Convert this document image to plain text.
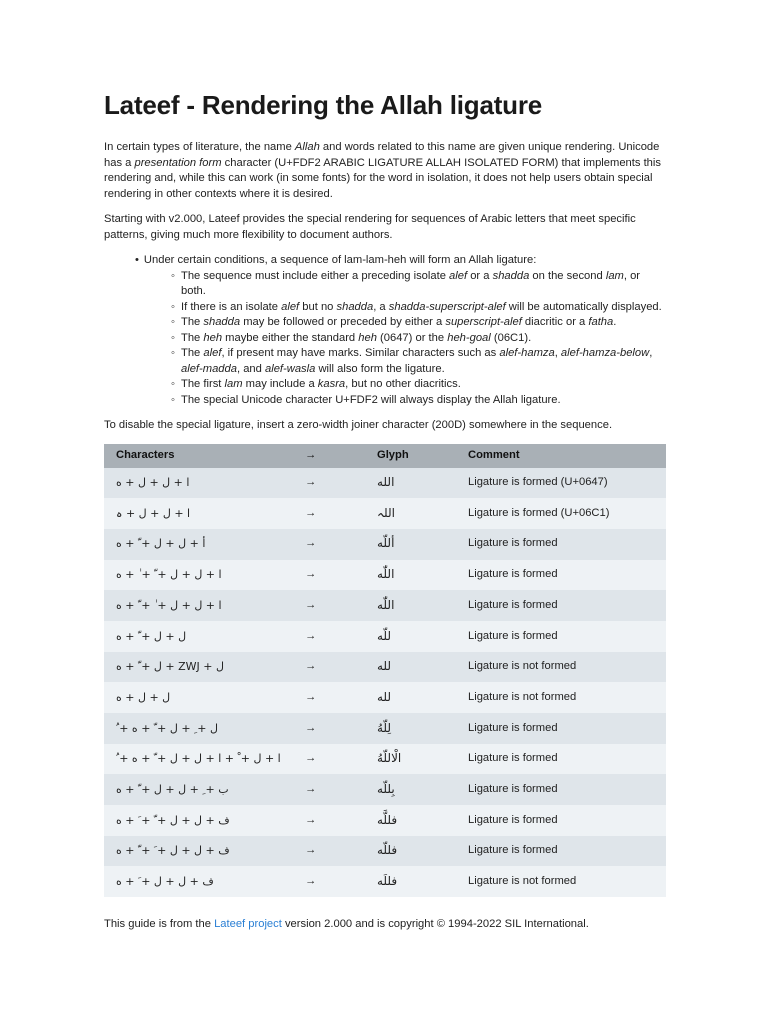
Lateef - Rendering the Allah ligature

In certain types of literature, the name Allah and words related to this name are given unique rendering. Unicode has a presentation form character (U+FDF2 ARABIC LIGATURE ALLAH ISOLATED FORM) that implements this rendering and, while this can work (in some fonts) for the word in isolation, it does not help users obtain special rendering in other contexts where it is desired.

Starting with v2.000, Lateef provides the special rendering for sequences of Arabic letters that meet specific patterns, giving much more flexibility to document authors.

• Under certain conditions, a sequence of lam-lam-heh will form an Allah ligature:
◦ The sequence must include either a preceding isolate alef or a shadda on the second lam, or both.
◦ If there is an isolate alef but no shadda, a shadda-superscript-alef will be automatically displayed.
◦ The shadda may be followed or preceded by either a superscript-alef diacritic or a fatha.
◦ The heh maybe either the standard heh (0647) or the heh-goal (06C1).
◦ The alef, if present may have marks. Similar characters such as alef-hamza, alef-hamza-below, alef-madda, and alef-wasla will also form the ligature.
◦ The first lam may include a kasra, but no other diacritics.
◦ The special Unicode character U+FDF2 will always display the Allah ligature.

To disable the special ligature, insert a zero-width joiner character (200D) somewhere in the sequence.

Characters	→	Glyph	Comment
ا + ل + ل + ه	→	الله	Ligature is formed (U+0647)
ا + ل + ل + ہ	→	اللہ	Ligature is formed (U+06C1)
أ + ل + ل + ّ + ه	→	أللّه	Ligature is formed
ا + ل + ل + ّ + ٰ + ه	→	اللّٰه	Ligature is formed
ا + ل + ل + ٰ + ّ + ه	→	اللّٰه	Ligature is formed
ل + ل + ّ + ه	→	للّه	Ligature is formed
ل + ZWJ + ل + ّ + ه	→	لله	Ligature is not formed
ل + ل + ه	→	لله	Ligature is not formed
ل + ِ + ل + ّ + ه + ُ	→	لِلّهُ	Ligature is formed
ا + ل + ْ + ا + ل + ل + ّ + ه + ُ	→	الْاللّهُ	Ligature is formed
ب + ِ + ل + ل + ّ + ه	→	بِللّه	Ligature is formed
ف + ل + ل + ّ + َ + ه	→	فللَّه	Ligature is formed
ف + ل + ل + َ + ّ + ه	→	فللّه	Ligature is formed
ف + ل + ل + َ + ه	→	فللَه	Ligature is not formed

This guide is from the Lateef project version 2.000 and is copyright © 1994-2022 SIL International.
